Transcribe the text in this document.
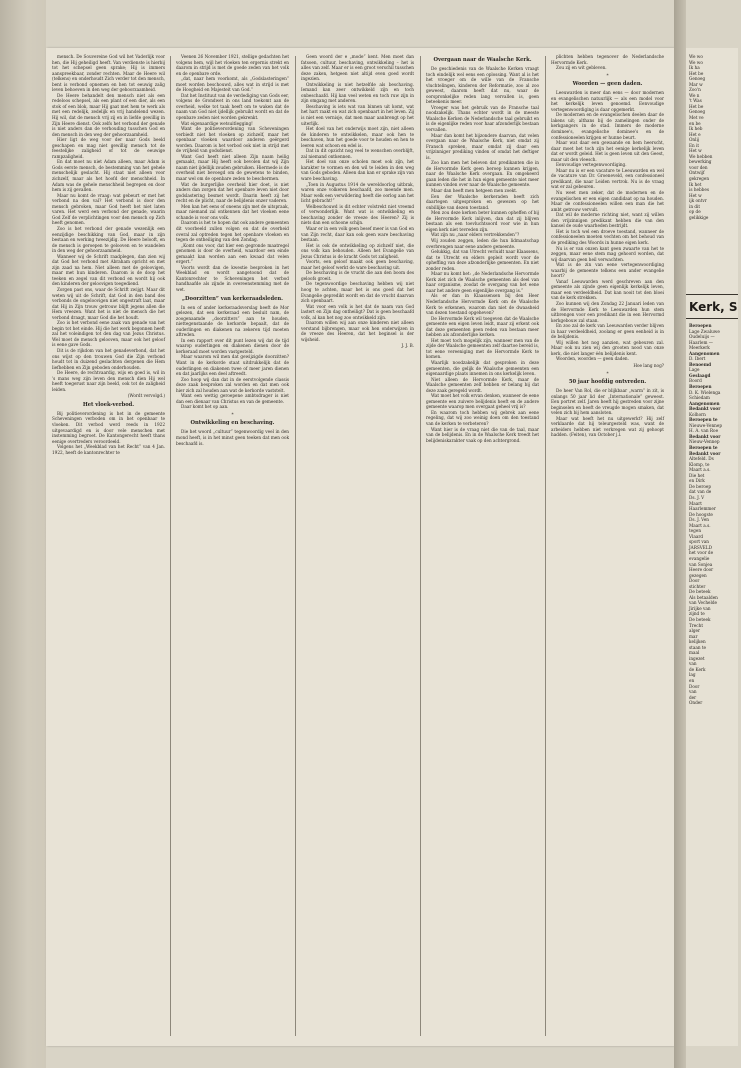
mensch. De Souvereine God wil het Vaderlijk voor hen, die Hij geheiligd heeft. Van verdienste is hierbij tot het schepsel geen sprake; Hij is immers aanspreekbaar, zonder rechten. Maar de Heere wil (telkens) en onderhoudt Zich verder tot den mensch, bent is verbond opnemen en hen tot eeuwig zalig leven behoeven in den weg der gehoorzaamheid.

De Heere behandelt den mensch niet als een redeloos schepsel, als een plant of een dier, als een stok of een blok, maar Hij gaat met hem te werk als met een redelijk, zedelijk en vrij handelend wezen. Hij wil, dat de mensch vrij zij en in liefde gewillig in Zijn Heere dienst. Ook zelfs het verbond der genade is niet anders dan de verhouding tusschen God en den mensch in den weg der gehoorzaamheid.

Hier ligt de weg voor der naar Gods beeld geschapen en mag niet gewillig mensch tot de feestelijke zaligheid of tot de eeuwige rampzaligheid.

En dat moet nu niet Adam alleen, maar Adam is Gods eerste mensch, de bestemming van het gehele menschelijk geslacht. Hij staat niet alleen voor zichzelf, maar als het hoofd der menschheid. In Adam was de gehele menschheid begrepen en door hem is zij gevallen.

Maar nu komt de vraag: wat gebeurt er met het verbond na den val? Het verbond is door den mensch gebroken, maar God heeft het niet laten varen. Het werd een verbond der genade, waarin God Zelf de verplichtingen voor den mensch op Zich heeft genomen.

Zoo is het verbond der genade wezenlijk een eenzijdige beschikking van God, maar in zijn bestaan en werking tweezijdig. De Heere belooft, en de mensch is geroepen te gelooven en te wandelen in den weg der gehoorzaamheid.

Wanneer wij de Schrift raadplegen, dan zien wij dat God het verbond met Abraham opricht en met zijn zaad na hem. Niet alleen met de geloovigen, maar met hun kinderen. Daarom is de doop het teeken en zegel van dit verbond en wordt hij ook den kinderen der geloovigen toegediend.

Zorgen past ons, waar de Schrift zwijgt. Maar dit weten wij uit de Schrift, dat God in den band des verbonds de ongeloovigen niet ongestraft laat, maar dat Hij in Zijn trouw getrouw blijft jegens allen die Hem vreezen. Want het is niet de mensch die het verbond draagt, maar God die het houdt.

Zoo is het verbond eene zaak van genade van het begin tot het einde. Hij die het werk begonnen heeft zal het voleindigen tot den dag van Jezus Christus. Wel moet de mensch gelooven, maar ook het geloof is eene gave Gods.

Dit is de rijkdom van het genadeverbond, dat het ons wijst op den trouwen God die Zijn verbond houdt tot in duizend geslachten dergenen die Hem liefhebben en Zijn geboden onderhouden.

De Heere, de rechtvaardig, wijs en goed is, wil in 's mans weg zijn leven den mensch dien Hij wel heeft toegerust naar zijn beeld, ook tot de zaligheid leiden.

(Wordt vervolgd.)

Het vloek-verbod.

Bij politieverordening is het in de gemeente Scheveningen verboden om in het openbaar te vloeken. Dit verbod werd reeds in 1922 uitgevaardigd en is door vele menschen met instemming begroet. De Kantongerecht heeft thans eenige overtreders veroordeeld.

Volgens het „Weekblad van het Recht” van 4 Jan. 1922, heeft de kantonrechter te

Veenen 26 November 1921, stellige gedachten het volgens hem, wijl het vloeken ten ergernis strekt en daarom in strijd is met de goede zeden van het volk en de openbare orde.

„dat, naar hem voorkomt, als „Godslasteringen” moet worden beschouwd, alles wat in strijd is met de Hoogheid en Majesteit van God.”

Dat het Instituut van de verdediging van Gods eer, volgens de Grondwet in ons land toekomt aan de overheid, welke tot taak heeft om te waken dat de naam van God niet ijdellijk gebruikt wordt en dat de openbare zeden niet worden gekrenkt.

Wat eigenaardige wetsuitlegging!

Want de politieverordening van Scheveningen verbiedt niet het vloeken op zichzelf, maar het openbaar vloeken waardoor anderen geërgerd worden. Daarom is het verbod ook niet in strijd met de vrijheid van godsdienst.

Want God heeft niet alleen Zijn naam heilig gemaakt, maar Hij heeft ook bevolen dat wij Zijn naam niet ijdellijk zouden gebruiken. Hiermede is de overheid niet bevoegd om de gewetens te binden, maar wel om de openbare zeden te beschermen.

Wat de burgerlijke overheid hier doet, is niet anders dan zorgen dat het openbare leven niet door godslastering besmet wordt. Daarin heeft zij het recht en de plicht, naar de belijdenis onzer vaderen.

Men kan het eens of oneens zijn met de uitspraak, maar niemand zal ontkennen dat het vloeken eene schande is voor ons volk.

Daarom is het te hopen dat ook andere gemeenten dit voorbeeld zullen volgen en dat de overheid overal zal optreden tegen het openbare vloeken en tegen de ontheiliging van den Zondag.

„Komt ons voor, dat hier een gegronde maatregel genomen is door de overheid, waardoor een einde gemaakt kan worden aan een kwaad dat velen ergert.”

Voorts wordt dan de kwestie besproken in het Weekblad en wordt aangetoond dat de Kantonrechter te Scheveningen het verbod handhaafde als zijnde in overeenstemming met de wet.

„Doorzitten” van kerkeraadsleden.

In een of ander kerkeraadsverslag heeft de Mor gelezen, dat een kerkeraad een besluit nam, de zoogenaamde „doorzitters” aan te houden, niettegenstaande de kerkorde bepaalt, dat de ouderlingen en diakenen na zekeren tijd moeten aftreden.

In een rapport over dit punt lezen wij dat de tijd waarop ouderlingen en diakenen dienen door de kerkeraad moet worden vastgesteld.

Maar waarom wil men dat gewijzigde doorzitten? Want in de kerkorde staat uitdrukkelijk dat de ouderlingen en diakenen twee of meer jaren dienen en dat jaarlijks een deel aftreedt.

Zoo hoop wij dan dat in de eerstvolgende classis deze zaak besproken zal worden en dat men ook hier zich zal houden aan wat de kerkorde vaststelt.

Want een wettig geroepene ambtsdrager is niet dan een dienaar van Christus en van de gemeente.

Daar komt het op aan.

*

Ontwikkeling en beschaving.

Die het woord „cultuur” tegenwoordig veel in den mond heeft, is in het minst geen teeken dat men ook beschaafd is.

Geen woord der e „mode” kent. Men moet dan fatsoen, cultuur, beschaving, ontwikkeling – het is alles van zelf. Maar er is een groot verschil tusschen deze zaken, hetgeen niet altijd even goed wordt ingezien.

Ontwikkeling is niet hetzelfde als beschaving. Iemand kan zeer ontwikkeld zijn en toch onbeschaafd. Hij kan veel weten en toch ruw zijn in zijn omgang met anderen.

Beschaving is iets wat van binnen uit komt, wat het hart raakt en wat zich openbaart in het leven. Zij is niet een vernisje, dat men maar aanbrengt op het uiterlijk.

Het doel van het onderwijs moet zijn, niet alleen de kinderen te ontwikkelen, maar ook hen te beschaven, hun het goede voor te houden en hen te leeren wat schoon en edel is.

Dat in dit opzicht nog veel te wenschen overblijft, zal niemand ontkennen.

Het doel van onze scholen moet ook zijn, het karakter te vormen en den wil te leiden in den weg van Gods geboden. Alleen dan kan er sprake zijn van ware beschaving.

„Toen in Augustus 1914 de wereldoorlog uitbrak, waren onze volkeren beschaafd, zoo meende men. Maar welk een verwildering heeft die oorlog aan het licht gebracht!”

Welbeschouwd is dit echter volstrekt niet vreemd of verwonderlijk. Want wat is ontwikkeling en beschaving zonder de vreeze des Heeren? Zij is niets dan een schoone schijn.

Waar er in een volk geen besef meer is van God en van Zijn recht, daar kan ook geen ware beschaving bestaan.

Het is ook de ontwikkeling op zichzelf niet, die ons volk kan behouden. Alleen het Evangelie van Jezus Christus is de kracht Gods tot zaligheid.

Voorts, een geloof maakt ook geen beschaving, maar het geloof werkt de ware beschaving uit.

De beschaving is de vrucht die aan den boom des geloofs groeit.

De tegenwoordige beschaving hebben wij niet hoog te achten, maar het is ons goed dat het Evangelie gepredikt wordt en dat de vrucht daarvan zich openbaart.

Wat voor een volk is het dat de naam van God lastert en Zijn dag ontheiligt? Dat is geen beschaafd volk, al kan het nog zoo ontwikkeld zijn.

Daarom willen wij aan onze kinderen niet alleen verstand bijbrengen, maar ook hen onderwijzen in de vreeze des Heeren, dat het beginsel is der wijsheid.

J. J. B.

Overgaan naar de Waalsche Kerk.

De geschiedenis van de Waalsche Kerken vraagt toch eindelijk wel eens een oplossing. Want al is het het vroeger om de wille van de Fransche vluchtelingen, kinderen der Reformatie, zoo al zoo geweest, daarom heeft dat nu, waar de oorspronkelijke reden lang vervallen is, geen beteekenis meer.

Vroeger was het gebruik van de Fransche taal noodzakelijk. Thans echter wordt in de meeste Waalsche Kerken de Nederlandsche taal gebruikt en is de eigenlijke reden voor haar afzonderlijk bestaan vervallen.

Maar dan komt het bijzondere daarvan, dat velen overgaan naar de Waalsche Kerk, niet omdat zij Fransch spreken, maar omdat zij daar een vrijzinniger prediking vinden of omdat het deftiger is.

Zoo kan men het beleven dat predikanten die in de Hervormde Kerk geen beroep kunnen krijgen, naar de Waalsche Kerk overgaan. En omgekeerd gaan leden die het in hun eigen gemeente niet meer kunnen vinden over naar de Waalsche gemeente.

Maar dan heeft men hetgeen men zoekt.

Een der Waalsche kerkeraden heeft zich daartegen uitgesproken en gewezen op het onbillijke van dezen toestand.

Men zou deze kerken beter kunnen opheffen of bij de Hervormde Kerk inlijven, dan dat zij blijven bestaan als een toevluchtsoord voor wie in hun eigen kerk niet tevreden zijn.

Wat zijn nu „naar elders vertrekkenden”?

Wij zouden zeggen, leden die hun lidmaatschap overbrengen naar eene andere gemeente.

Gelukkig, dat van Utrecht verluidt naar Klaassens, dat te Utrecht en elders gepleit wordt voor de opheffing van deze afzonderlijke gemeenten. En niet zonder reden.

Maar nu komt het: „de Nederlandsche Hervormde Kerk ziet zich de Waalsche gemeenten als deel van haar organisme, zoodat de overgang van het eene naar het andere geen eigenlijke overgang is.”

Als er dan in Klaassensen bij den Heer Nederlandsche Hervormde Kerk om de Waalsche Kerk te erkennen, waarom dan niet de dwaasheid van dezen toestand opgeheven?

De Hervormde Kerk wil toegeven dat de Waalsche gemeente een eigen leven leidt, maar zij erkent ook dat deze gemeenten geen reden van bestaan meer hebben als afzonderlijke kerken.

Het moet toch mogelijk zijn, wanneer men van de zijde der Waalsche gemeenten zelf daartoe bereid is, tot eene vereeniging met de Hervormde Kerk te komen.

Waarlijk noodzakelijk dat gesproken in deze gemeenten, die gelijk de Waalsche gemeenten een eigenaardige plaats innemen in ons kerkelijk leven.

Niet alleen de Hervormde Kerk, maar de Waalsche gemeenten zelf hebben er belang bij dat deze zaak geregeld wordt.

Wat moet het volk ervan denken, wanneer de eene gemeente een zuivere belijdenis heeft en de andere gemeente waarop men overgaat geheel vrij is?

En waarom toch hebben wij gebrek aan eene regeling, dat wij zoo weinig doen om den toestand van de kerken te verbeteren?

Want hier is de vraag niet die van de taal, maar van de belijdenis. En in de Waalsche Kerk treedt het belijdeniskarakter vaak op den achtergrond.

plichten hebben tegenover de Nederlandsche Hervormde Kerk.

Zou zij en wit gebleven.

*

Woorden — geen daden.

Leeuwarden is meer dan eens — door modernen en evangelischen natuurlijk — als een model voor het kerkelijk leven genoemd. Eenvoudige vertegenwoordiging is daar opgemerkt.

De modernen en de evangelischen deelen daar de lakens uit; althans bij de zamelingen onder de kerkgangers in de stad. Immers de moderne dominee's, evangelische dominee's en de confessioneelen krijgen er hunne beurt.

Maar wat daar een gewaande en hem heerscht, daar moet het toch zijn het eenige kerkelijk leven dat er wordt geleid. Het is geen leven uit den Geest, maar uit den vleesch.

Eenvoudige vertegenwoordiging.

Maar nu is er een vacature te Leeuwarden en wel de vacature van Dr. Groeneveld, een confessioneel predikant, die naar Leiden vertrok. Nu is de vraag wat er zal gebeuren.

Nu weet men zeker, dat de modernen en de evangelischen er een eigen candidaat op na houden. Maar de confessioneelen willen een man die het ambt getrouw vervult.

Dat wil de moderne richting niet, want zij willen den vrijzinnigen predikant hebben die van den kansel de oude waarheden bestrijdt.

Het is toch wel een droeve toestand, wanneer de confessioneelen moeten vechten om het behoud van de prediking des Woords in hunne eigen kerk.

Nu is er van onzen kant geen zwaarte van het te zeggen, maar eene stem mag gehoord worden, dat wij daarvan geen heil verwachten.

Wat is de zin van eene vertegenwoordiging waarbij de gemeente telkens een ander evangelie hoort?

Vanaf Leeuwarden werd geschreven aan den gemeente als zijnde geen eigenlijk kerkelijk leven, maar een verdeeldheid. Dat kan nooit tot den bloei van de kerk strekken.

Zoo kunnen wij den Zondag 22 Januari leden van de Hervormde Kerk te Leeuwarden hun stem uitbrengen voor een predikant die in een Hervormd kerkgebouw zal staan.

En zoo zal de kerk van Leeuwarden verder blijven in haar verdeeldheid, zoolang er geen eenheid is in de belijdenis.

Wij willen het nog aanzien, wat gebeuren zal. Maar ook nu zien wij den grooten nood van onze kerk, die niet langer één belijdenis kent.

Woorden, woorden — geen daden.

Hoe lang nog?

*

50 jaar hoofdig ontvreden.

De heer Van Rol, die er blijkbaar „warm” in zit, is onlangs 50 jaar lid der „Internationale” geweest. Een portret zelf. Jaren heeft hij gestreden voor zijne beginselen en heeft de vreugde mogen smaken, dat velen zich bij hem aansloten.

Maar wat heeft het nu uitgewerkt? Hij zelf verklaarde dat hij teleurgesteld was, want de arbeiders hebben niet verkregen wat zij gehoopt hadden. (Feiten), van October j.l.

We wo
We wo
Ik ha
Het be
Genoeg
Mar w
Zoo'n
We n
't Was
Het be
Genoeg
Met ve
en be
Ik heb
Het e
Onlij
En it
Het w
We hebben
bewerking
voor den
Ontwijf
gekregen
Ik het
is hebbes
Het w
ijk ontvr
in dit
op de
gelikkige
Kerk, S
Beroepen
Lage Zwaluwe
Oudeluijs —
Haarlem —
Meerkerk
Aangenomen
D. Ibert
Benoemd
Lage
Geslaagd
Boord
Beroepen
D. K. Wielenga
Schiedam
Aangenomen
Bedankt voor
Kolhorn
Beroepen te
Nieuwe-Vennep
H. A. van Roe
Bedankt voor
Nieuw-Vennep
Beroepen te
Bedankt voor
Altefeld. Ds
Klomp, te
Maart a.s.
Die het
en Dirk
De beroep
dat van de
Ds. J. V
Maart
Haarlemmer
De hoogste
Ds. J. Ven
Maart a.s.
tegen
Vlaard
sport van
JARSVELD
het voor de
evangelie
van Sonjea
Heere door
gezegen
Door
stichter
De beteek
Als betaalden
van Vechelde
Jirijke van
zijnd te
De beteek
Trecht
alger
mar
kelijken
staan te
maal
ingezet
van
de Kerk
lag
en
Door
van
der
Onder
